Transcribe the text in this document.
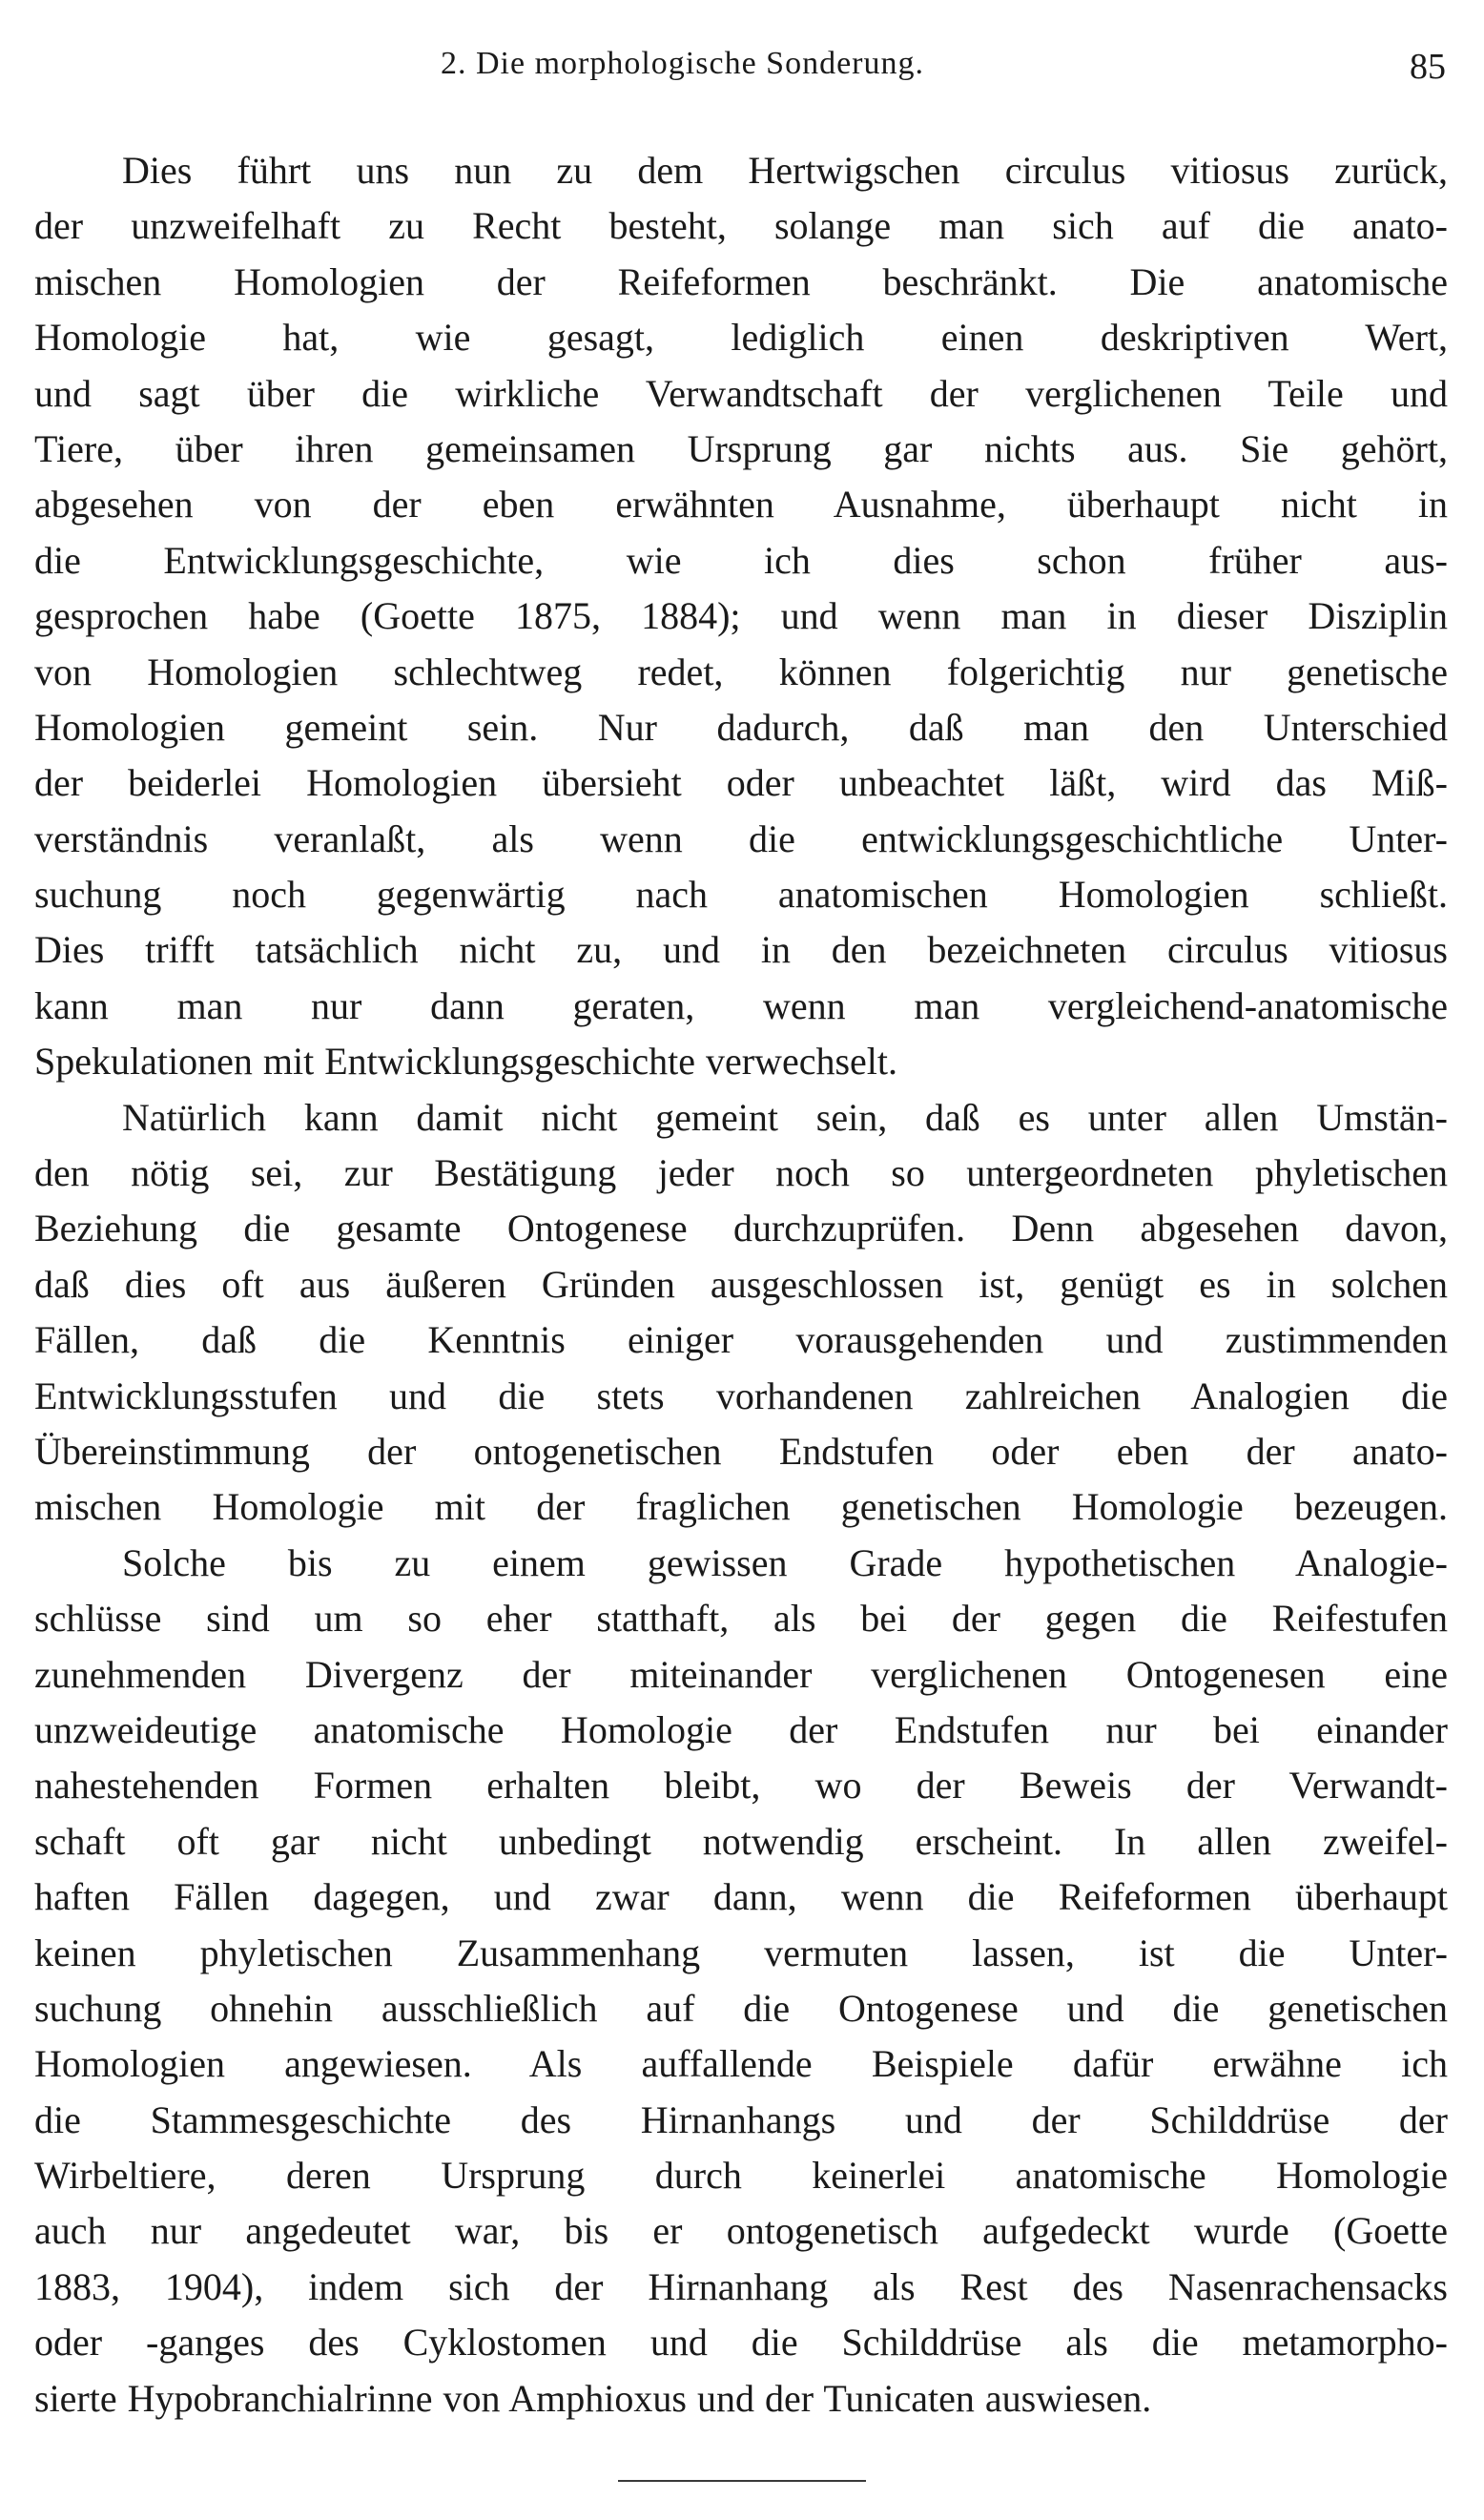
2. Die morphologische Sonderung.	85
Dies führt uns nun zu dem Hertwigschen circulus vitiosus zurück,
der unzweifelhaft zu Recht besteht, solange man sich auf die anato-
mischen Homologien der Reifeformen beschränkt. Die anatomische
Homologie hat, wie gesagt, lediglich einen deskriptiven Wert,
und sagt über die wirkliche Verwandtschaft der verglichenen Teile und
Tiere, über ihren gemeinsamen Ursprung gar nichts aus. Sie gehört,
abgesehen von der eben erwähnten Ausnahme, überhaupt nicht in
die Entwicklungsgeschichte, wie ich dies schon früher aus-
gesprochen habe (Goette 1875, 1884); und wenn man in dieser Disziplin
von Homologien schlechtweg redet, können folgerichtig nur genetische
Homologien gemeint sein. Nur dadurch, daß man den Unterschied
der beiderlei Homologien übersieht oder unbeachtet läßt, wird das Miß-
verständnis veranlaßt, als wenn die entwicklungsgeschichtliche Unter-
suchung noch gegenwärtig nach anatomischen Homologien schließt.
Dies trifft tatsächlich nicht zu, und in den bezeichneten circulus vitiosus
kann man nur dann geraten, wenn man vergleichend-anatomische
Spekulationen mit Entwicklungsgeschichte verwechselt.
Natürlich kann damit nicht gemeint sein, daß es unter allen Umstän-
den nötig sei, zur Bestätigung jeder noch so untergeordneten phyletischen
Beziehung die gesamte Ontogenese durchzuprüfen. Denn abgesehen davon,
daß dies oft aus äußeren Gründen ausgeschlossen ist, genügt es in solchen
Fällen, daß die Kenntnis einiger vorausgehenden und zustimmenden
Entwicklungsstufen und die stets vorhandenen zahlreichen Analogien die
Übereinstimmung der ontogenetischen Endstufen oder eben der anato-
mischen Homologie mit der fraglichen genetischen Homologie bezeugen.
Solche bis zu einem gewissen Grade hypothetischen Analogie-
schlüsse sind um so eher statthaft, als bei der gegen die Reifestufen
zunehmenden Divergenz der miteinander verglichenen Ontogenesen eine
unzweideutige anatomische Homologie der Endstufen nur bei einander
nahestehenden Formen erhalten bleibt, wo der Beweis der Verwandt-
schaft oft gar nicht unbedingt notwendig erscheint. In allen zweifel-
haften Fällen dagegen, und zwar dann, wenn die Reifeformen überhaupt
keinen phyletischen Zusammenhang vermuten lassen, ist die Unter-
suchung ohnehin ausschließlich auf die Ontogenese und die genetischen
Homologien angewiesen. Als auffallende Beispiele dafür erwähne ich
die Stammesgeschichte des Hirnanhangs und der Schilddrüse der
Wirbeltiere, deren Ursprung durch keinerlei anatomische Homologie
auch nur angedeutet war, bis er ontogenetisch aufgedeckt wurde (Goette
1883, 1904), indem sich der Hirnanhang als Rest des Nasenrachensacks
oder -ganges des Cyklostomen und die Schilddrüse als die metamorpho-
sierte Hypobranchialrinne von Amphioxus und der Tunicaten auswiesen.
